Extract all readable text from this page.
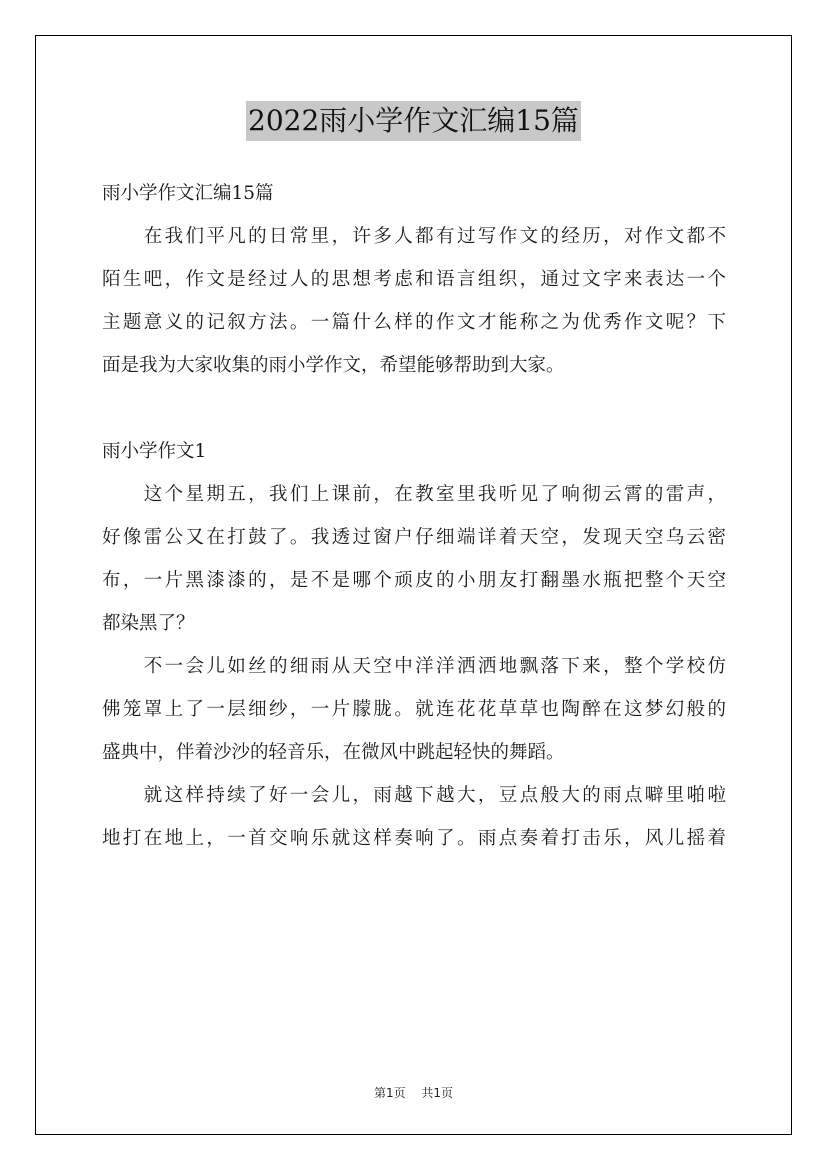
2022雨小学作文汇编15篇
雨小学作文汇编15篇
　　在我们平凡的日常里，许多人都有过写作文的经历，对作文都不
陌生吧，作文是经过人的思想考虑和语言组织，通过文字来表达一个
主题意义的记叙方法。一篇什么样的作文才能称之为优秀作文呢？下
面是我为大家收集的雨小学作文，希望能够帮助到大家。
雨小学作文1
　　这个星期五，我们上课前，在教室里我听见了响彻云霄的雷声，
好像雷公又在打鼓了。我透过窗户仔细端详着天空，发现天空乌云密
布，一片黑漆漆的，是不是哪个顽皮的小朋友打翻墨水瓶把整个天空
都染黑了？
　　不一会儿如丝的细雨从天空中洋洋洒洒地飘落下来，整个学校仿
佛笼罩上了一层细纱，一片朦胧。就连花花草草也陶醉在这梦幻般的
盛典中，伴着沙沙的轻音乐，在微风中跳起轻快的舞蹈。
　　就这样持续了好一会儿，雨越下越大，豆点般大的雨点噼里啪啦
地打在地上，一首交响乐就这样奏响了。雨点奏着打击乐，风儿摇着
第1页 共1页
